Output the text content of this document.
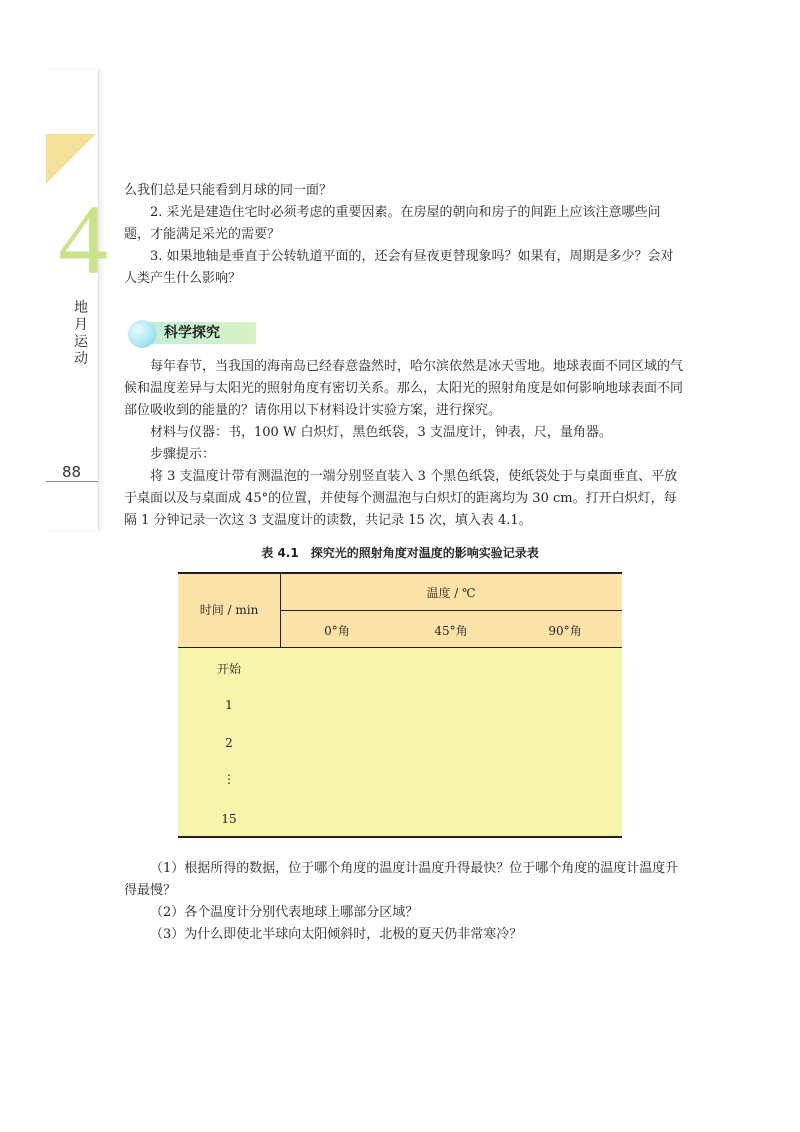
4
地月运动
88

么我们总是只能看到月球的同一面？

2. 采光是建造住宅时必须考虑的重要因素。在房屋的朝向和房子的间距上应该注意哪些问题，才能满足采光的需要？

3. 如果地轴是垂直于公转轨道平面的，还会有昼夜更替现象吗？如果有，周期是多少？会对人类产生什么影响？

科学探究

每年春节，当我国的海南岛已经春意盎然时，哈尔滨依然是冰天雪地。地球表面不同区域的气候和温度差异与太阳光的照射角度有密切关系。那么，太阳光的照射角度是如何影响地球表面不同部位吸收到的能量的？请你用以下材料设计实验方案，进行探究。

材料与仪器：书，100 W 白炽灯，黑色纸袋，3 支温度计，钟表，尺，量角器。

步骤提示：

将 3 支温度计带有测温泡的一端分别竖直装入 3 个黑色纸袋，使纸袋处于与桌面垂直、平放于桌面以及与桌面成 45°的位置，并使每个测温泡与白炽灯的距离均为 30 cm。打开白炽灯，每隔 1 分钟记录一次这 3 支温度计的读数，共记录 15 次，填入表 4.1。

表 4.1　探究光的照射角度对温度的影响实验记录表
时间 / min
温度 / ℃
0°角	45°角	90°角
开始
1
2
⋮
15

（1）根据所得的数据，位于哪个角度的温度计温度升得最快？位于哪个角度的温度计温度升得最慢？

（2）各个温度计分别代表地球上哪部分区域？

（3）为什么即使北半球向太阳倾斜时，北极的夏天仍非常寒冷？
